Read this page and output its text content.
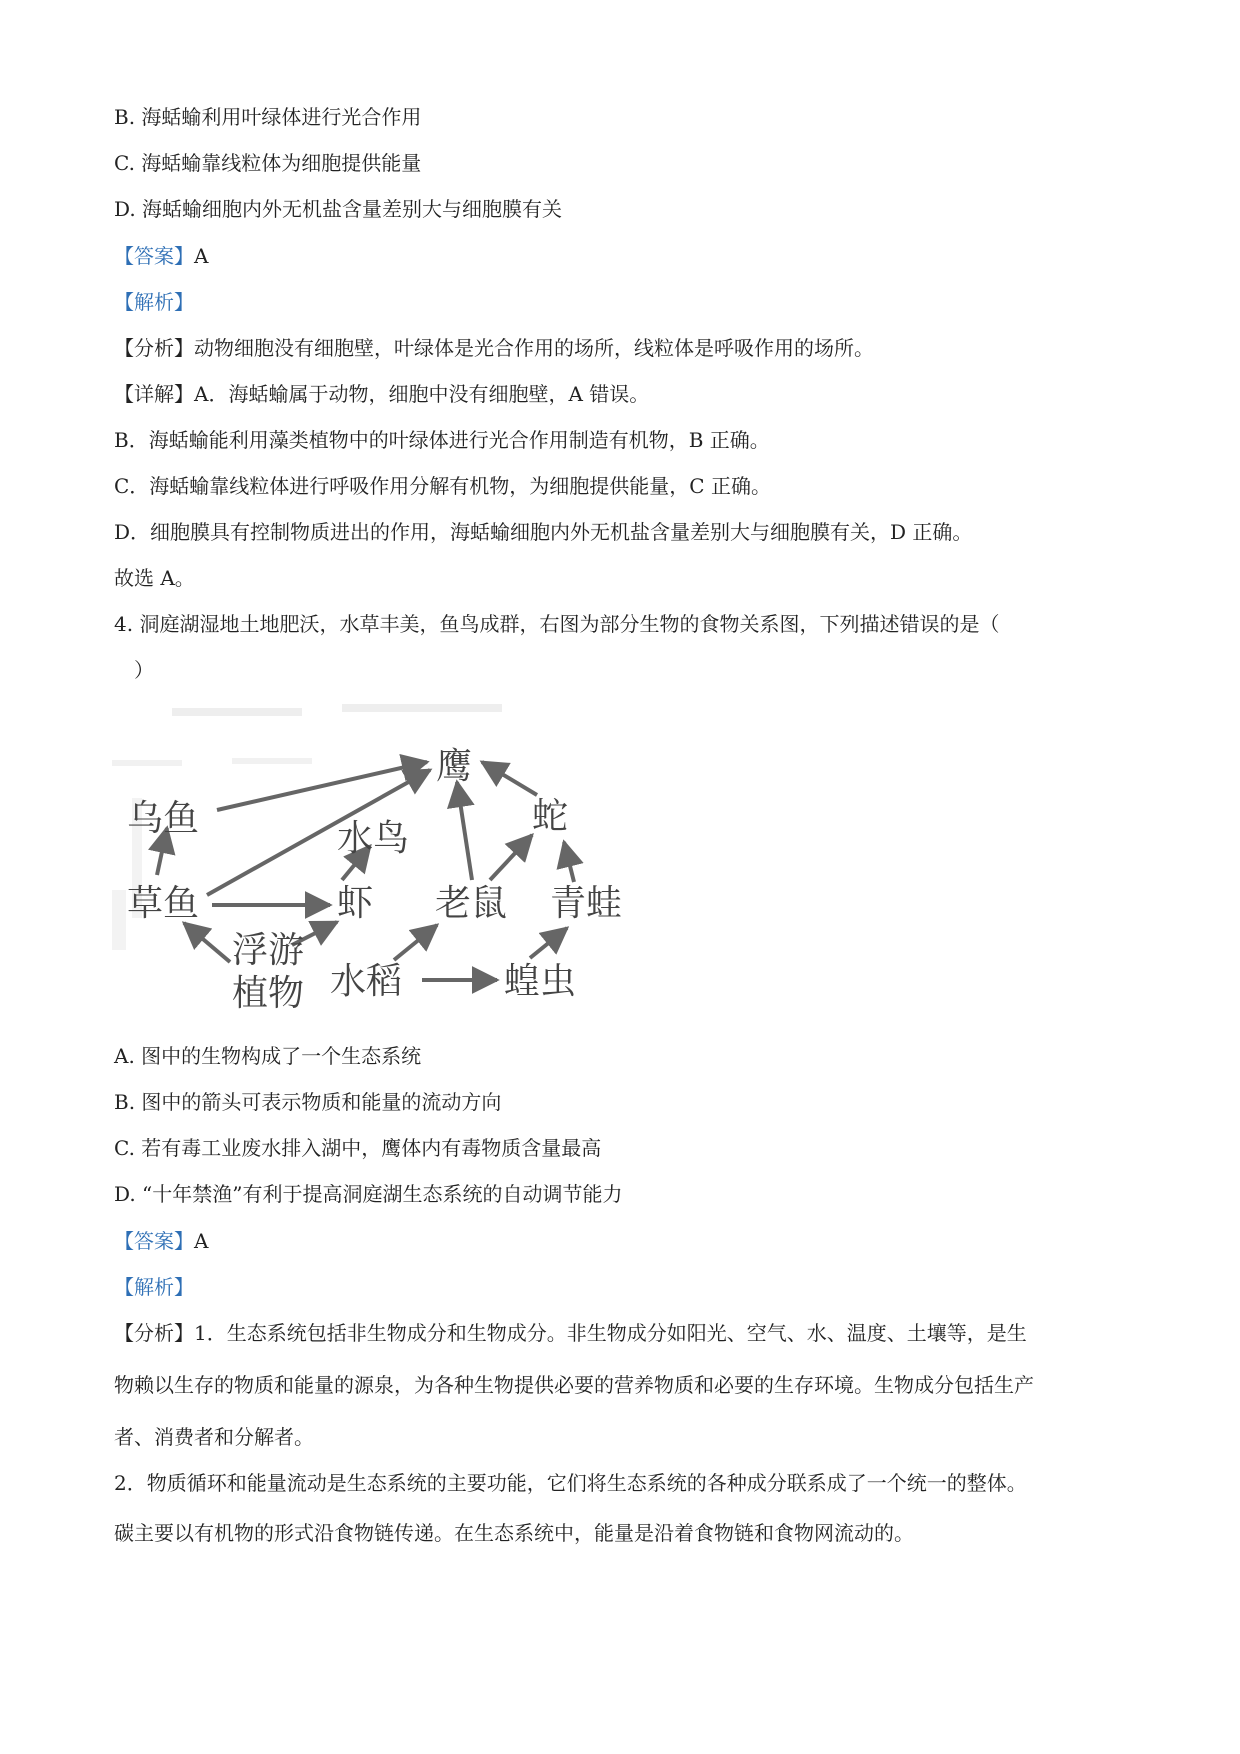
B. 海蛞蝓利用叶绿体进行光合作用
C. 海蛞蝓靠线粒体为细胞提供能量
D. 海蛞蝓细胞内外无机盐含量差别大与细胞膜有关
【答案】A
【解析】
【分析】动物细胞没有细胞壁，叶绿体是光合作用的场所，线粒体是呼吸作用的场所。
【详解】A．海蛞蝓属于动物，细胞中没有细胞壁，A 错误。
B．海蛞蝓能利用藻类植物中的叶绿体进行光合作用制造有机物，B 正确。
C．海蛞蝓靠线粒体进行呼吸作用分解有机物，为细胞提供能量，C 正确。
D．细胞膜具有控制物质进出的作用，海蛞蝓细胞内外无机盐含量差别大与细胞膜有关，D 正确。
故选 A。
4. 洞庭湖湿地土地肥沃，水草丰美，鱼鸟成群，右图为部分生物的食物关系图，下列描述错误的是（
）
鹰
乌鱼	水鸟
蛇
草鱼	虾 老鼠 青蛙
浮游
植物 水稻	蝗虫
A. 图中的生物构成了一个生态系统
B. 图中的箭头可表示物质和能量的流动方向
C. 若有毒工业废水排入湖中，鹰体内有毒物质含量最高
D. “十年禁渔”有利于提高洞庭湖生态系统的自动调节能力
【答案】A
【解析】
【分析】1．生态系统包括非生物成分和生物成分。非生物成分如阳光、空气、水、温度、土壤等，是生
物赖以生存的物质和能量的源泉，为各种生物提供必要的营养物质和必要的生存环境。生物成分包括生产
者、消费者和分解者。
2．物质循环和能量流动是生态系统的主要功能，它们将生态系统的各种成分联系成了一个统一的整体。
碳主要以有机物的形式沿食物链传递。在生态系统中，能量是沿着食物链和食物网流动的。
